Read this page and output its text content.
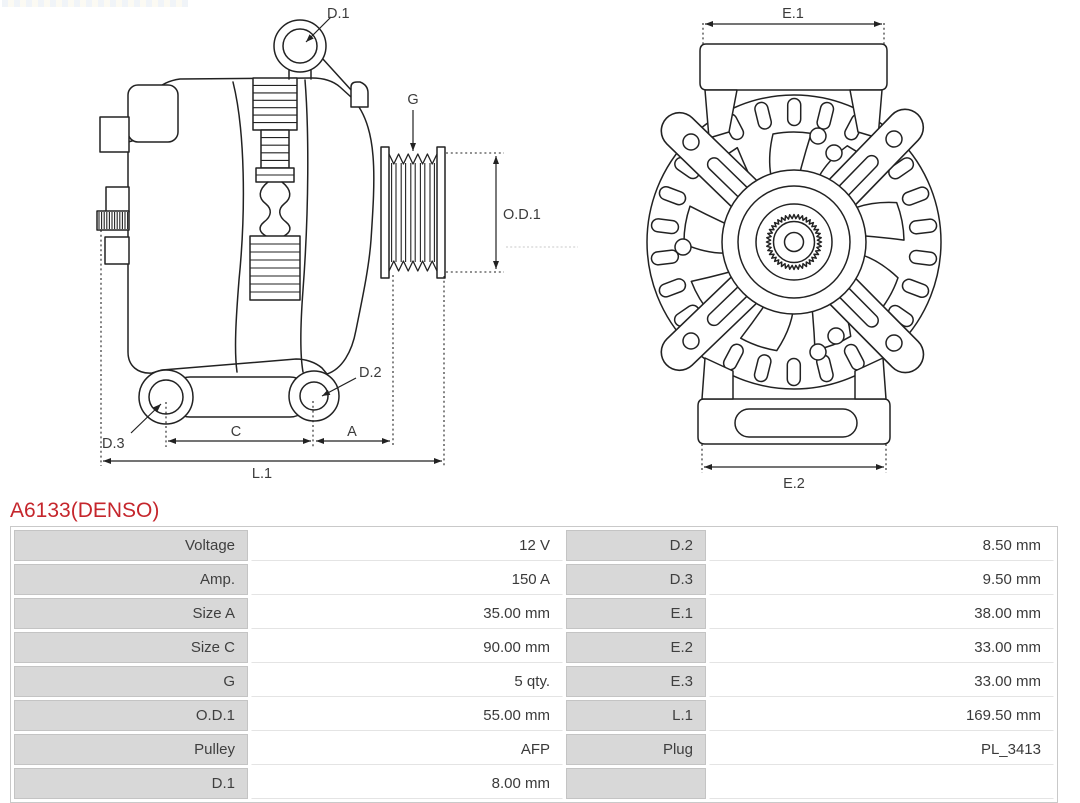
D.1
G
O.D.1
D.2
D.3
C	A
L.1
E.1
E.2
A6133(DENSO)
Voltage	12 V	D.2	8.50 mm
Amp.	150 A	D.3	9.50 mm
Size A	35.00 mm	E.1	38.00 mm
Size C	90.00 mm	E.2	33.00 mm
G	5 qty.	E.3	33.00 mm
O.D.1	55.00 mm	L.1	169.50 mm
Pulley	AFP	Plug	PL_3413
D.1	8.00 mm		
